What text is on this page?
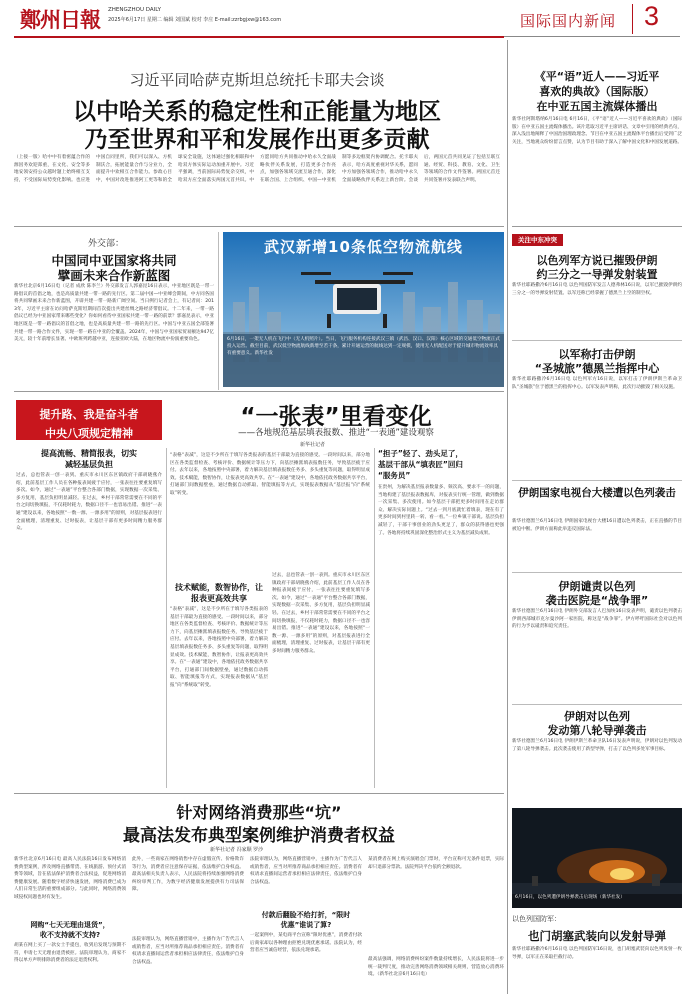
鄭州日報 ZHENGZHOU DAILY
2025年6月17日 星期二 编辑 刘国斌 校对 李庄 E-mail:zzrbgjxw@163.com	国际国内新闻 3
习近平同哈萨克斯坦总统托卡耶夫会谈
以中哈关系的稳定性和正能量为地区
乃至世界和平和发展作出更多贡献
（上接一版）哈中中有着密蕴合作的源因务欢迎郑重，在文化、安全等多地安领安持公众越时题上始终相互支持，不受国际局势变化影响。也应进中国自同里所，我们可以深入、方机制沃合，拓展能量合作与分业力，全面提升中欢相互合作能力。参政心目中，中国对改进推进阿工更等和的全球安全设施，这体通过强化相联和中哈双方体实际运动加重开展中。习近平强调，当前国际局势复杂交织，中哈双方应全面落实两国元首共识。中方愿同哈方共同推动中哈永久全面战略伙伴关系发展，打造更多合作亮点，加强各领域交流互通合作，深化在联合国、上合组织、中国—中亚机制等多边框架内协调配合。托卡耶夫表示，哈方高度重视对华关系，愿同中方加强各领域合作，推动哈中永久全面战略伙伴关系迈上新台阶。会谈后，两国元首共同见证了包括互联互通、经贸、科技、教育、文化、卫生等领域的合作文件签署。两国元首还共同签署并发表联合声明。
外交部：
中国同中亚国家将共同
擘画未来合作新蓝图
新华社北京6月16日电（记者 成欣 陈李兰）外交部发言人郭嘉昆16日表示，中亚地区既是一带一路倡议的首倡之地，也是高质量共建一带一路的先行区。第二届中国—中亚峰会期间，中方同各国将共同擘画未来合作新蓝图，开辟共建一带一路新广阔空间。当日例行记者会上，有记者问：2013年，习近平主席在访问哈萨克斯坦期间首次提出共建丝绸之路经济带倡议。十二年来，一带一路倡议已经为中亚国家带来哪些变化？你如何看待中亚国家共建一带一路的前景？郭嘉昆表示，中亚地区既是一带一路倡议的首倡之地，也是高质量共建一带一路的先行区。中国与中亚五国全部签署共建一带一路合作文件，实现一带一路在中亚的全覆盖。2024年，中国与中亚国家贸易额达947亿美元，较十年前增长显著。中欧班列跨越中亚，连接亚欧大陆，在地区物流中扮演重要角色。
武汉新增10条低空物流航线
6月16日，一架无人机在飞行中（无人机照片）。当日，飞行服务机构连接武汉三镇（武昌、汉口、汉阳）核心区域的交通低空物流正式投入运营。截至目前，武汉低空物流航线新增至若干条，累计开通运营的航线达到一定规模，使用无人机配送对于提升城市物流效率具有重要意义。新华社发
提升路、我是奋斗者
中央八项规定精神
“一张表”里看变化
——各地规范基层填表报数、推进“一表通”建设观察
新华社记者
提高流畅、精简报表，切实
减轻基层负担
过去，总也管表一创一表到。重庆市永川区东区镇政府干部胡晓燕介绍，此前基层工作人员在各种报表间疲于应付，一张表往往要重复填写多次。如今，通过“一表通”平台整合各部门数据，实现数据一次采集、多方复用，基层负担明显减轻。在过去，乡村干部常常需要在不同的平台之间切换填报，不仅耗时耗力，数据口径不一也容易出错。推进“一表通”建设以来，各地按照“一数一源、一源多用”的原则，对基层报表进行全面梳理，清理重复、过时报表，让基层干部有更多时间精力服务群众。
“表格“表减”，这是不少所在于填写各类报表的基层干部最为直接的感受。一段时间以来，部分地区在各类监督检查、考核评价、数据统计等压力下，向基层摊派填表报数任务，导致基层疲于应付。去年以来，各地按照中央部署，着力解决基层填表报数任务多、多头重复等问题，取得明显成效。技术赋能，数智协作，让报表更高效共享。在“一表通”建设中，各地依托政务数据共享平台，打通部门间数据壁垒，通过数据自动抓取、智能填报等方式，实现报表数据从“基层报”向“系统取”转变。
技术赋能，数智协作，让
报表更高效共享
“表格“表减”，这是不少所在于填写各类报表的基层干部最为直接的感受。一段时间以来，部分地区在各类监督检查、考核评价、数据统计等压力下，向基层摊派填表报数任务，导致基层疲于应付。去年以来，各地按照中央部署，着力解决基层填表报数任务多、多头重复等问题，取得明显成效。技术赋能，数智协作，让报表更高效共享。在“一表通”建设中，各地依托政务数据共享平台，打通部门间数据壁垒，通过数据自动抓取、智能填报等方式，实现报表数据从“基层报”向“系统取”转变。
过去，总也管表一创一表到。重庆市永川区东区镇政府干部胡晓燕介绍，此前基层工作人员在各种报表间疲于应付，一张表往往要重复填写多次。如今，通过“一表通”平台整合各部门数据，实现数据一次采集、多方复用，基层负担明显减轻。在过去，乡村干部常常需要在不同的平台之间切换填报，不仅耗时耗力，数据口径不一也容易出错。推进“一表通”建设以来，各地按照“一数一源、一源多用”的原则，对基层报表进行全面梳理，清理重复、过时报表，让基层干部有更多时间精力服务群众。
“担子”轻了、劲头足了，
基层干部从“填表匠”回归
“服务员”
在贵州，为解决基层报表数量多、频次高、要求不一的问题，当地构建了基层报表数据库，对报表实行统一管理，做到数据一次采集、多次使用。如今基层干部把更多时间用在走访群众、解决实际问题上。“过去一到月底就忙着填表，现在有了更多时间到村里转一转、看一看。”一位乡镇干部说。基层负担减轻了，干部干事创业的劲头更足了，群众的获得感也更强了。各地将持续巩固深化整治形式主义为基层减负成果。
针对网络消费那些“坑”
最高法发布典型案例维护消费者权益
新华社记者 冯家顺 罗沙
新华社北京6月16日电 最高人民法院16日发布网络消费典型案例，涉及网络直播带货、在线旅游、预付式消费等领域，旨在依法保护消费者合法权益，促进网络消费健康发展。随着数字经济快速发展，网络消费已成为人们日常生活的重要组成部分。与此同时，网络消费领域侵权问题也时有发生。
网购“七天无理由退货”，
收不支持就不支持?
胡某在网上买了一款女士手提包，收到后发现与预期不符，申请七天无理由退货被拒。法院审理认为，商家不得以单方声明排除消费者的法定退货权利。
此外，一些商家在网络销售中存在虚假宣传、价格欺诈等行为，消费者应注意保存证据，依法维护自身权益。最高法相关负责人表示，人民法院将持续加强网络消费纠纷审判工作，为数字经济健康发展提供有力司法保障。
法院审理认为，网络直播营销中，主播作为广告代言人或销售者，应当对所推荐商品承担相应责任。消费者有权请求直播间运营者承担相应法律责任，依法维护自身合法权益。
法院审理认为，网络直播营销中，主播作为广告代言人或销售者，应当对所推荐商品承担相应责任。消费者有权请求直播间运营者承担相应法律责任，依法维护自身合法权益。
付款后翻脸不给打折，“限时
优惠”谁说了算?
一起案例中，某电商平台宣称“限时优惠”，消费者付款后商家却以各种理由拒绝兑现优惠承诺。法院认为，经营者应当诚信经营，依法兑现承诺。
某消费者在网上购买演唱会门票时，平台宣称可无条件退票，实际却只退部分票款。法院判决平台依约全额退款。
最高法强调，网络消费纠纷案件数量持续增长，人民法院将进一步统一裁判尺度，推动完善网络消费领域相关规则，营造放心消费环境。（新华社北京6月16日电）
《平“语”近人——习近平
喜欢的典故》（国际版）
在中亚五国主流媒体播出
新华社阿斯塔纳6月16日电 6月16日，《平“语”近人——习近平喜欢的典故》（国际版）在中亚五国主流媒体播出。该片选取习近平主席讲话、文章中引用的经典名句，深入浅出地阐释了中国治国理政理念。节目在中亚五国主流媒体平台播出后受到广泛关注，当地观众纷纷留言点赞，认为节目有助于深入了解中国文化和中国发展道路。
关注中东冲突
以色列军方说已摧毁伊朗
约三分之一导弹发射装置
新华社耶路撒冷6月16日电 以色列国防军发言人德弗林16日说，以军已摧毁伊朗约三分之一的导弹发射装置。以军还称已经掌握了德黑兰上空的制空权。
以军称打击伊朗
“圣城旅”德黑兰指挥中心
新华社耶路撒冷6月16日电 以色列军方16日说，以军打击了伊朗伊斯兰革命卫队“圣城旅”位于德黑兰的指挥中心。以军发表声明称，此次行动摧毁了相关设施。
伊朗国家电视台大楼遭以色列袭击
新华社德黑兰6月16日电 伊朗国家电视台大楼16日遭以色列袭击，正在直播的节目被迫中断。伊朗方面称此举违反国际法。
伊朗谴责以色列
袭击医院是“战争罪”
新华社德黑兰6月16日电 伊朗外交部发言人巴加埃16日发表声明，谴责以色列袭击伊朗西部城市克尔曼沙阿一家医院，称这是“战争罪”。伊方呼吁国际社会对以色列的行为予以谴责和追究责任。
伊朗对以色列
发动第八轮导弹袭击
新华社德黑兰6月16日电 伊朗伊斯兰革命卫队16日发表声明说，伊朗对以色列发动了第八轮导弹袭击。此次袭击使用了新型导弹，打击了以色列多处军事目标。
6月16日，以色列遭伊朗导弹袭击后现场（新华社发）
以色列国防军：
也门胡塞武装向以发射导弹
新华社耶路撒冷6月16日电 以色列国防军16日说，也门胡塞武装向以色列发射一枚导弹，以军正在采取拦截行动。
